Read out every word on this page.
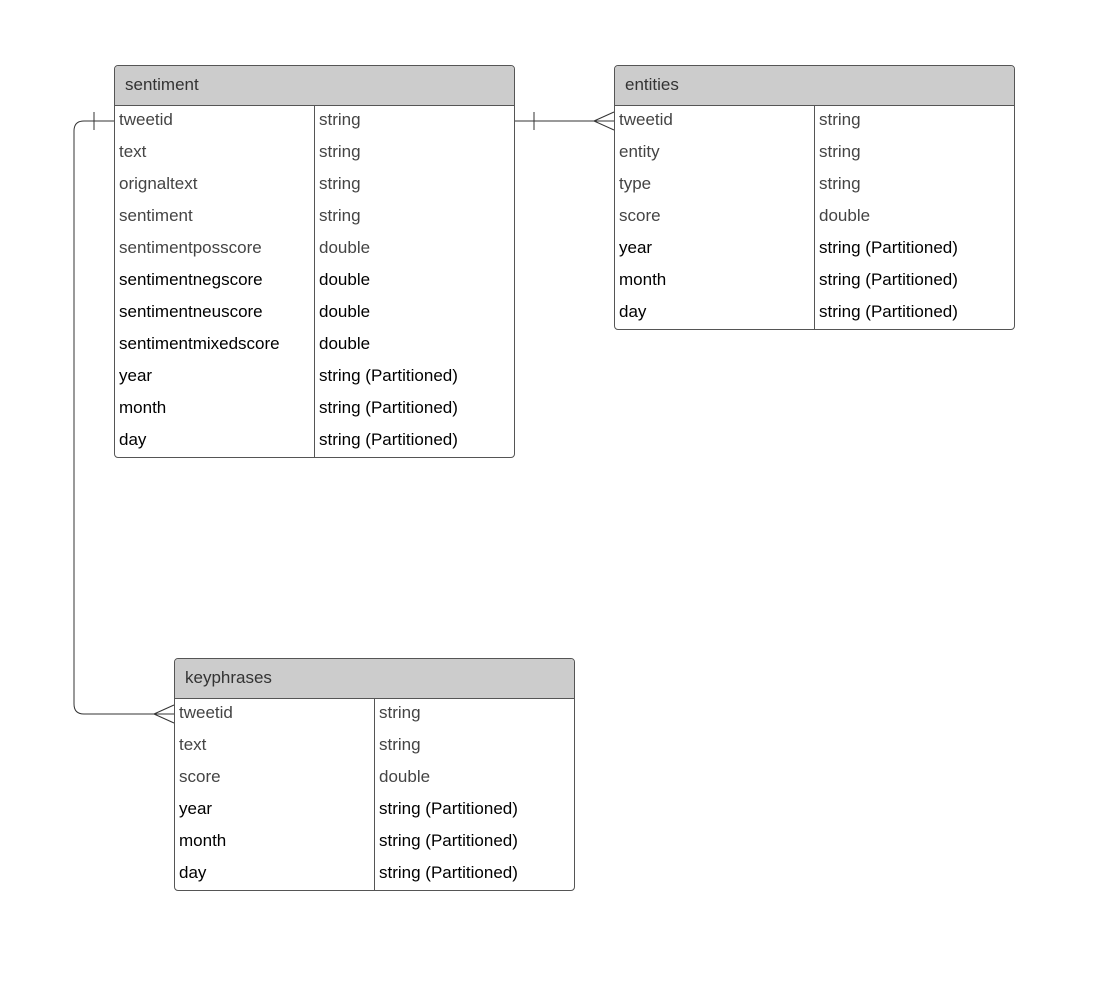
sentiment
tweetid	string
text	string
orignaltext	string
sentiment	string
sentimentposscore	double
sentimentnegscore	double
sentimentneuscore	double
sentimentmixedscore	double
year	string (Partitioned)
month	string (Partitioned)
day	string (Partitioned)
entities
tweetid	string
entity	string
type	string
score	double
year	string (Partitioned)
month	string (Partitioned)
day	string (Partitioned)
keyphrases
tweetid	string
text	string
score	double
year	string (Partitioned)
month	string (Partitioned)
day	string (Partitioned)
